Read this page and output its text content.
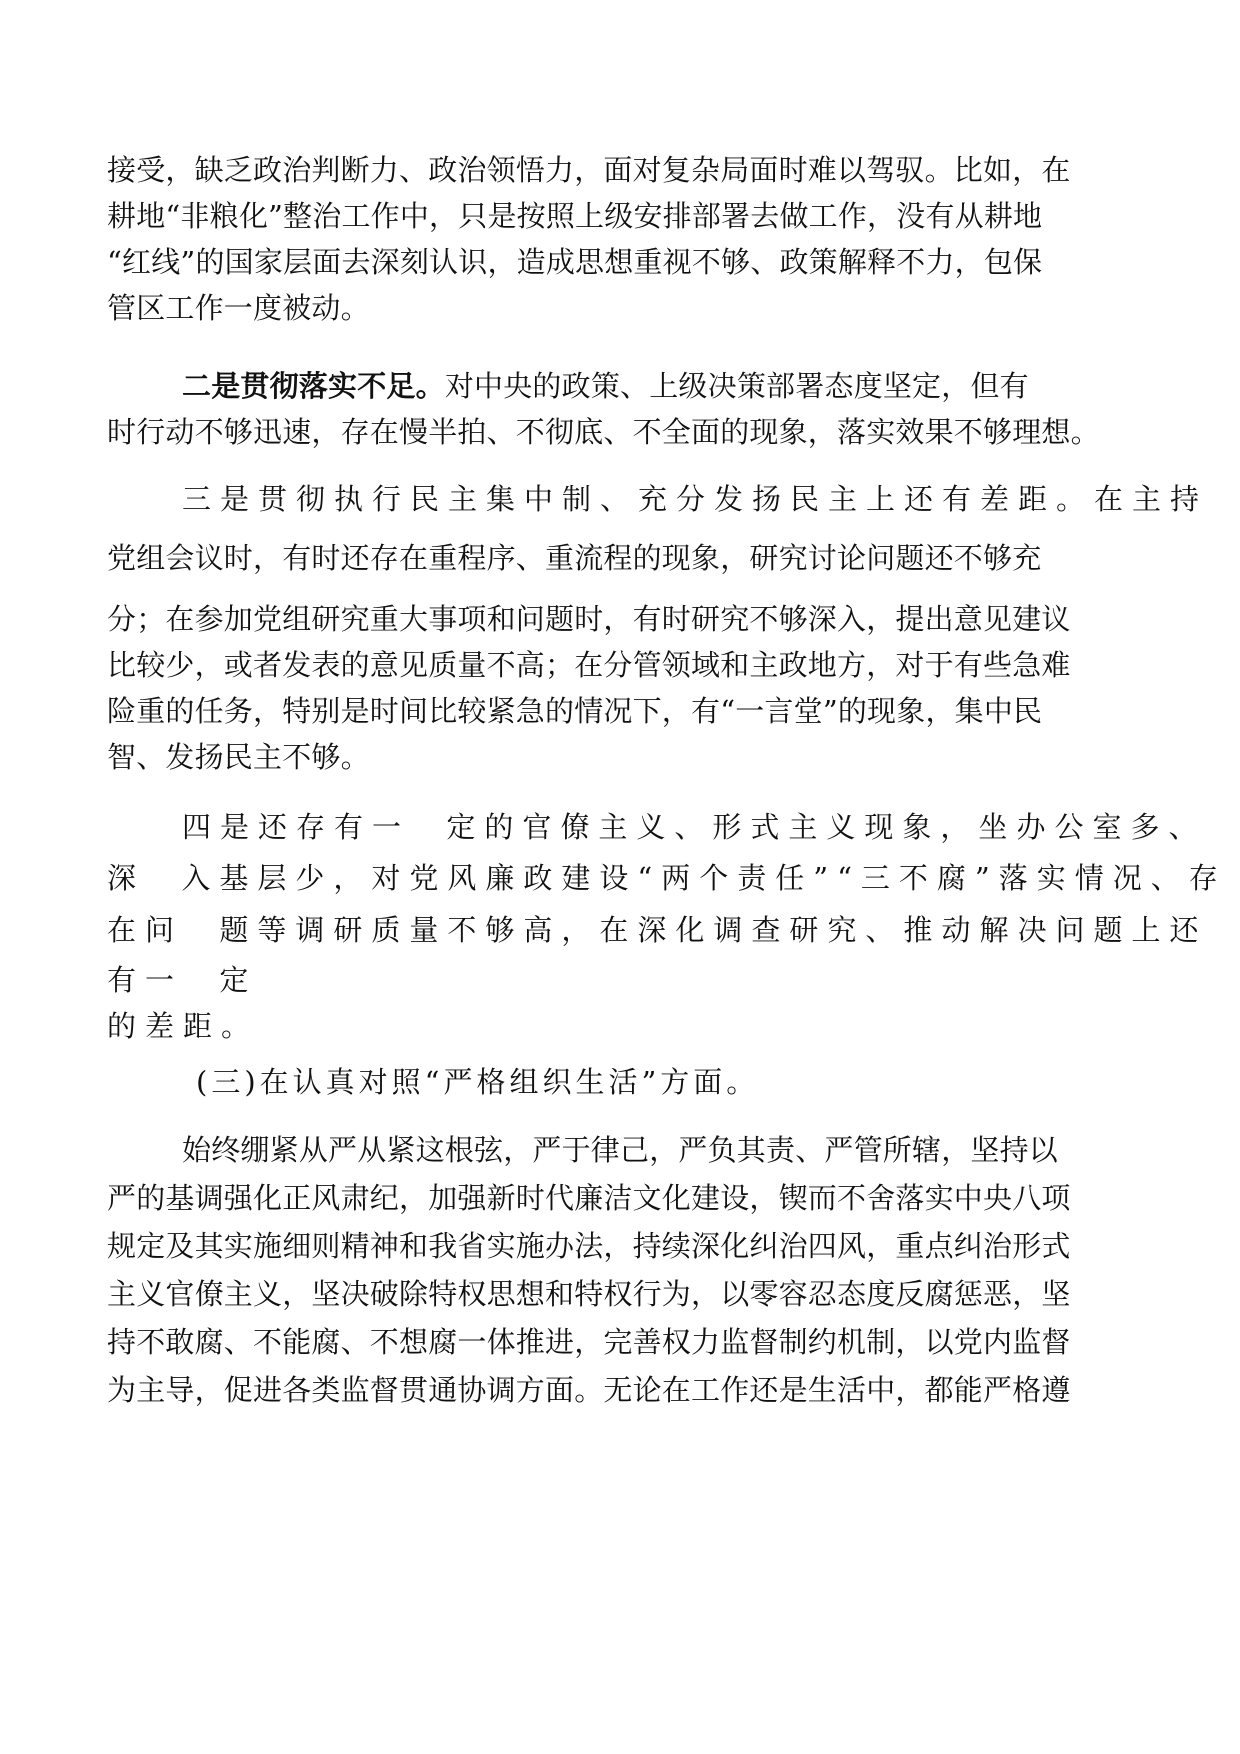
接受，缺乏政治判断力、政治领悟力，面对复杂局面时难以驾驭。比如，在
耕地“非粮化”整治工作中，只是按照上级安排部署去做工作，没有从耕地
“红线”的国家层面去深刻认识，造成思想重视不够、政策解释不力，包保
管区工作一度被动。
二是贯彻落实不足。对中央的政策、上级决策部署态度坚定，但有
时行动不够迅速，存在慢半拍、不彻底、不全面的现象，落实效果不够理想。
三是贯彻执行民主集中制、充分发扬民主上还有差距。在主持
党组会议时，有时还存在重程序、重流程的现象，研究讨论问题还不够充
分；在参加党组研究重大事项和问题时，有时研究不够深入，提出意见建议
比较少，或者发表的意见质量不高；在分管领域和主政地方，对于有些急难
险重的任务，特别是时间比较紧急的情况下，有“一言堂”的现象，集中民
智、发扬民主不够。
四是还存有一  定的官僚主义、形式主义现象，坐办公室多、
深  入基层少，对党风廉政建设“两个责任”“三不腐”落实情况、存
在问  题等调研质量不够高，在深化调查研究、推动解决问题上还
有一  定
的差距。
(三)在认真对照“严格组织生活”方面。
始终绷紧从严从紧这根弦，严于律己，严负其责、严管所辖，坚持以
严的基调强化正风肃纪，加强新时代廉洁文化建设，锲而不舍落实中央八项
规定及其实施细则精神和我省实施办法，持续深化纠治四风，重点纠治形式
主义官僚主义，坚决破除特权思想和特权行为，以零容忍态度反腐惩恶，坚
持不敢腐、不能腐、不想腐一体推进，完善权力监督制约机制，以党内监督
为主导，促进各类监督贯通协调方面。无论在工作还是生活中，都能严格遵
